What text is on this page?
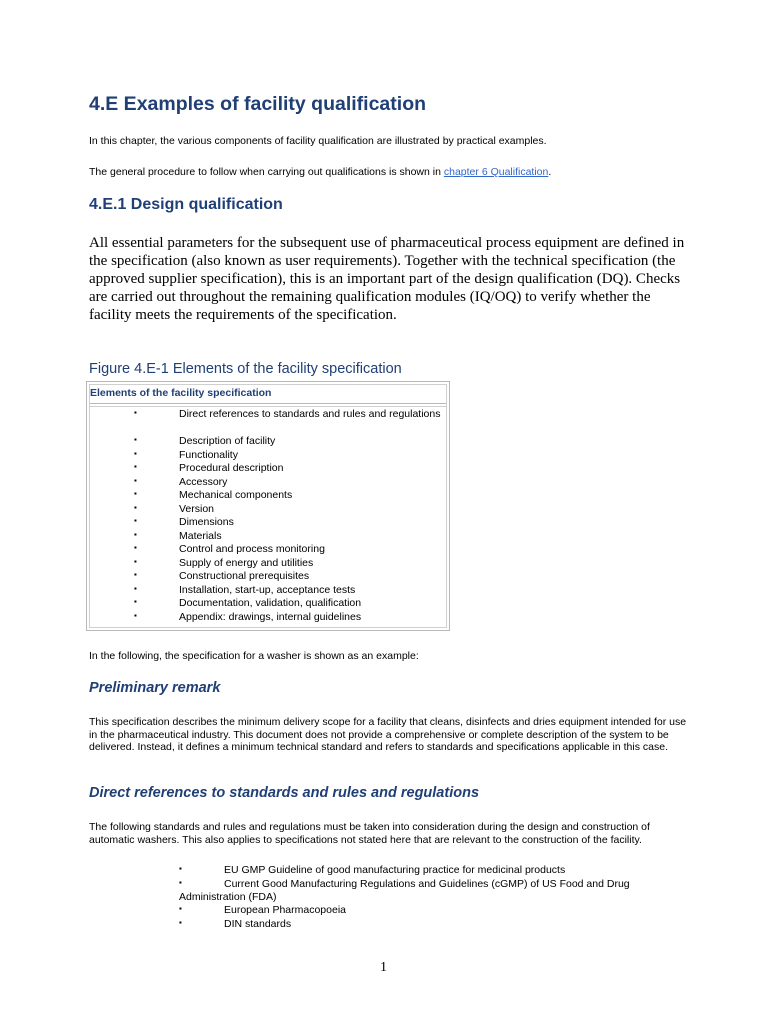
4.E Examples of facility qualification

In this chapter, the various components of facility qualification are illustrated by practical examples.

The general procedure to follow when carrying out qualifications is shown in chapter 6 Qualification.

4.E.1 Design qualification

All essential parameters for the subsequent use of pharmaceutical process equipment are defined in the specification (also known as user requirements). Together with the technical specification (the approved supplier specification), this is an important part of the design qualification (DQ). Checks are carried out throughout the remaining qualification modules (IQ/OQ) to verify whether the facility meets the requirements of the specification.

Figure 4.E-1 Elements of the facility specification
Elements of the facility specification
▪	Direct references to standards and rules and regulations
▪	Description of facility
▪	Functionality
▪	Procedural description
▪	Accessory
▪	Mechanical components
▪	Version
▪	Dimensions
▪	Materials
▪	Control and process monitoring
▪	Supply of energy and utilities
▪	Constructional prerequisites
▪	Installation, start-up, acceptance tests
▪	Documentation, validation, qualification
▪	Appendix: drawings, internal guidelines

In the following, the specification for a washer is shown as an example:

Preliminary remark

This specification describes the minimum delivery scope for a facility that cleans, disinfects and dries equipment intended for use in the pharmaceutical industry. This document does not provide a comprehensive or complete description of the system to be delivered. Instead, it defines a minimum technical standard and refers to standards and specifications applicable in this case.

Direct references to standards and rules and regulations

The following standards and rules and regulations must be taken into consideration during the design and construction of automatic washers. This also applies to specifications not stated here that are relevant to the construction of the facility.

▪	EU GMP Guideline of good manufacturing practice for medicinal products
▪	Current Good Manufacturing Regulations and Guidelines (cGMP) of US Food and Drug
Administration (FDA)
▪	European Pharmacopoeia
▪	DIN standards
1
